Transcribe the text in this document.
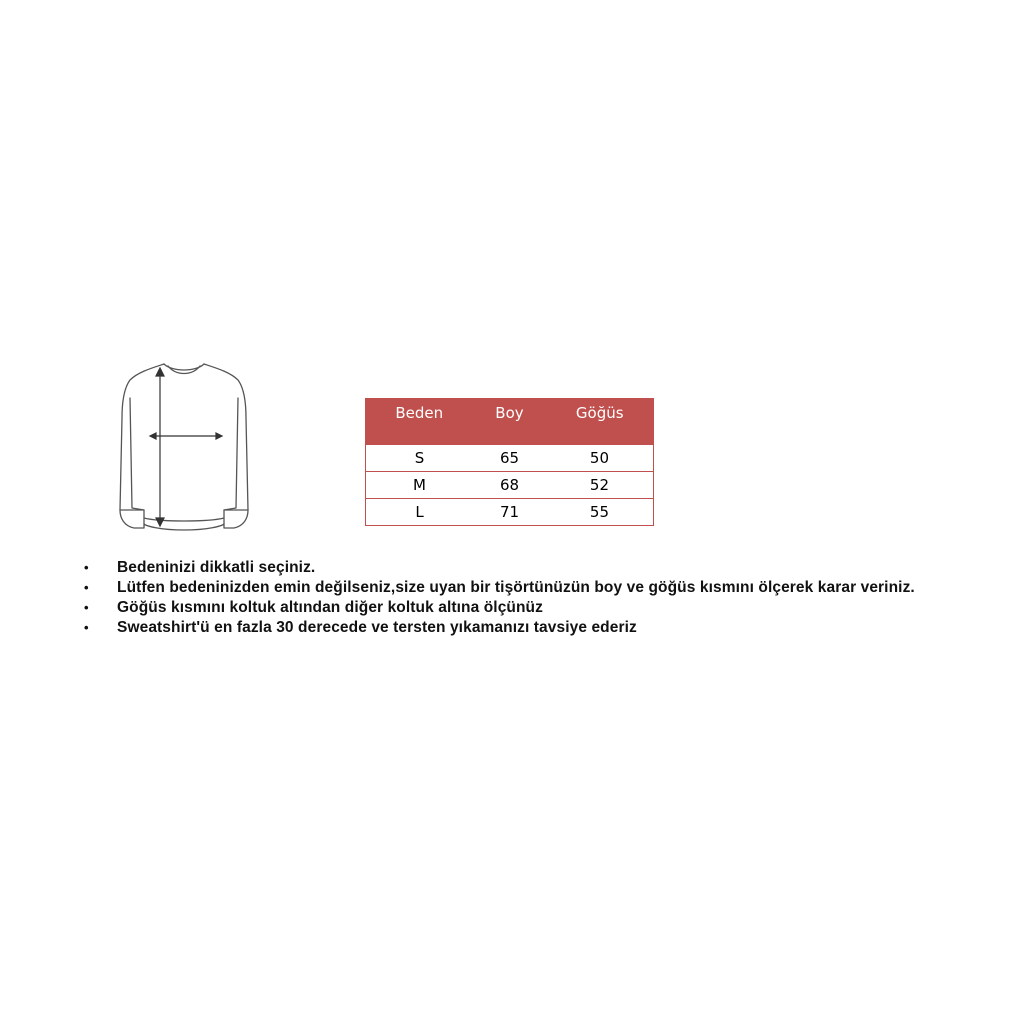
Beden	Boy	Göğüs
S	65	50
M	68	52
L	71	55
• Bedeninizi dikkatli seçiniz.
• Lütfen bedeninizden emin değilseniz,size uyan bir tişörtünüzün boy ve göğüs kısmını ölçerek karar veriniz.
• Göğüs kısmını koltuk altından diğer koltuk altına ölçünüz
• Sweatshirt'ü en fazla 30 derecede ve tersten yıkamanızı tavsiye ederiz
